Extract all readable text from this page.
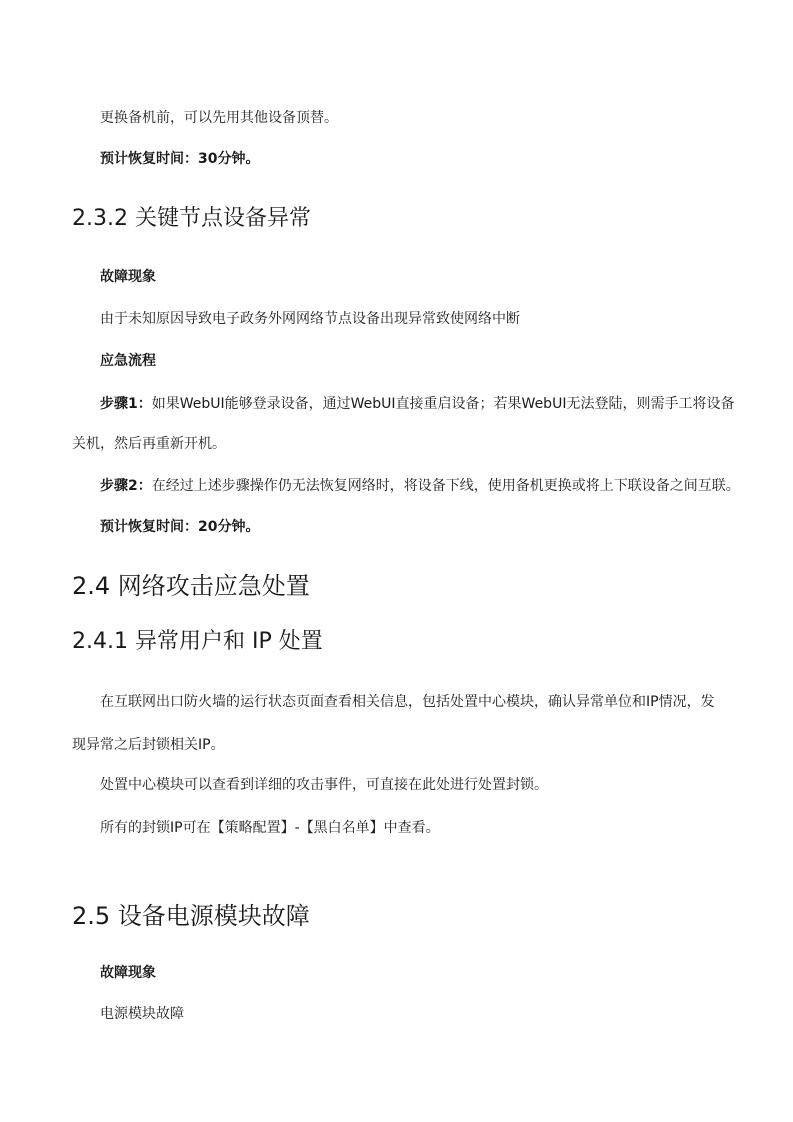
更换备机前，可以先用其他设备顶替。
预计恢复时间：30分钟。
2.3.2 关键节点设备异常
故障现象
由于未知原因导致电子政务外网网络节点设备出现异常致使网络中断
应急流程
步骤1：如果WebUI能够登录设备，通过WebUI直接重启设备；若果WebUI无法登陆，则需手工将设备
关机，然后再重新开机。
步骤2：在经过上述步骤操作仍无法恢复网络时，将设备下线，使用备机更换或将上下联设备之间互联。
预计恢复时间：20分钟。
2.4 网络攻击应急处置
2.4.1 异常用户和 IP 处置
在互联网出口防火墙的运行状态页面查看相关信息，包括处置中心模块，确认异常单位和IP情况，发
现异常之后封锁相关IP。
处置中心模块可以查看到详细的攻击事件，可直接在此处进行处置封锁。
所有的封锁IP可在【策略配置】-【黑白名单】中查看。
2.5 设备电源模块故障
故障现象
电源模块故障
